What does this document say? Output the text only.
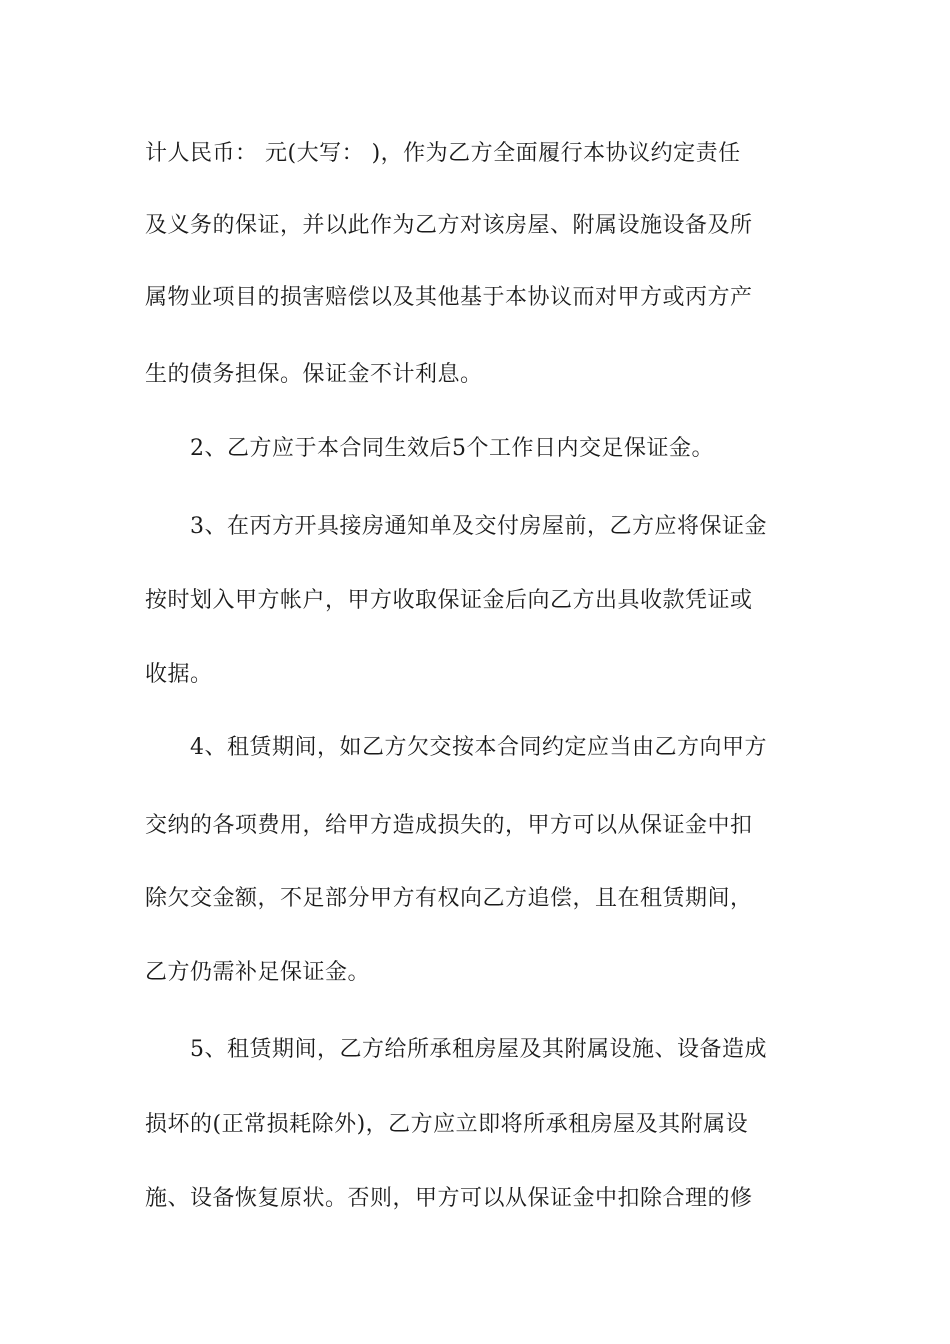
计人民币： 元(大写： )，作为乙方全面履行本协议约定责任
及义务的保证，并以此作为乙方对该房屋、附属设施设备及所
属物业项目的损害赔偿以及其他基于本协议而对甲方或丙方产
生的债务担保。保证金不计利息。
2、乙方应于本合同生效后5个工作日内交足保证金。
3、在丙方开具接房通知单及交付房屋前，乙方应将保证金
按时划入甲方帐户，甲方收取保证金后向乙方出具收款凭证或
收据。
4、租赁期间，如乙方欠交按本合同约定应当由乙方向甲方
交纳的各项费用，给甲方造成损失的，甲方可以从保证金中扣
除欠交金额，不足部分甲方有权向乙方追偿，且在租赁期间，
乙方仍需补足保证金。
5、租赁期间，乙方给所承租房屋及其附属设施、设备造成
损坏的(正常损耗除外)，乙方应立即将所承租房屋及其附属设
施、设备恢复原状。否则，甲方可以从保证金中扣除合理的修
